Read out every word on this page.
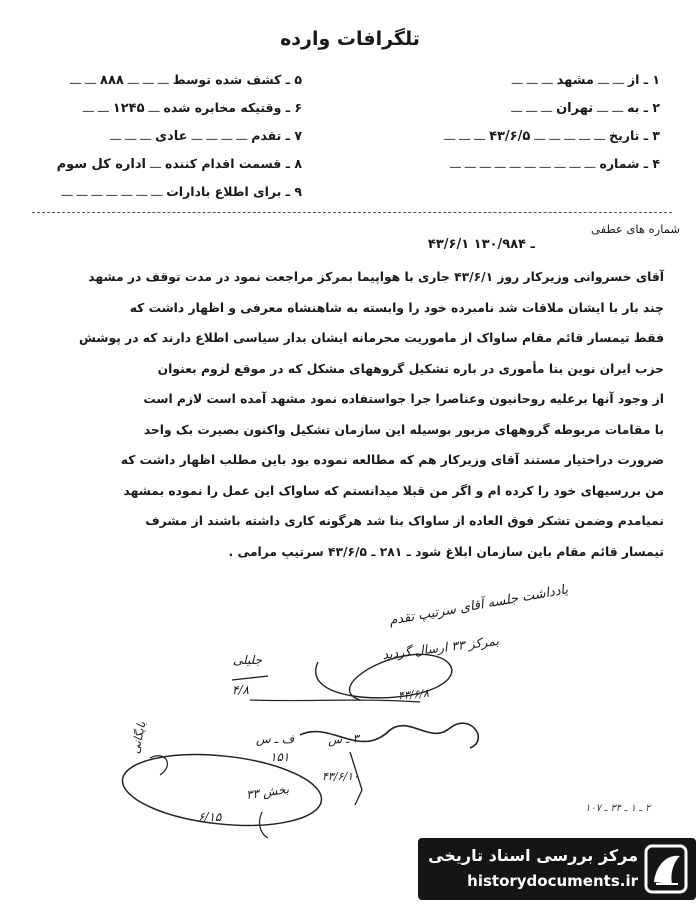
تلگرافات وارده
۱ ـ از ـــ ـــ مشهد ـــ ـــ ـــ
۲ ـ به ـــ ـــ تهران ـــ ـــ ـــ
۳ ـ تاریخ ـــ ـــ ـــ ـــ ـــ ۴۳/۶/۵ ـــ ـــ ـــ
۴ ـ شماره ـــ ـــ ـــ ـــ ـــ ـــ ـــ ـــ ـــ ـــ
۵ ـ کشف شده توسط ـــ ـــ ـــ ۸۸۸ ـــ ـــ
۶ ـ وقتیکه مخابره شده ـــ ۱۲۴۵ ـــ ـــ
۷ ـ تقدم ـــ ـــ ـــ ـــ عادی ـــ ـــ ـــ
۸ ـ قسمت اقدام کننده ـــ اداره کل سوم
۹ ـ برای اطلاع بادارات ـــ ـــ ـــ ـــ ـــ ـــ ـــ
شماره های عطفی
۴۳/۶/۱ ـ ۱۳۰/۹۸۴
آقای خسروانی وزیرکار روز ۴۳/۶/۱ جاری با هواپیما بمرکز مراجعت نمود در مدت توقف در مشهد
چند بار با ایشان ملاقات شد نامبرده خود را وابسته به شاهنشاه معرفی و اظهار داشت که
فقط تیمسار قائم مقام ساواک از ماموریت محرمانه ایشان بدار سیاسی اطلاع دارند که در پوشش
حزب ایران نوین بنا مأموری در باره تشکیل گروههای مشکل که در موقع لزوم بعنوان
از وجود آنها برعلیه روحانیون وعناصرا جرا جواستفاده نمود مشهد آمده است لازم است
با مقامات مربوطه گروههای مزبور بوسیله این سازمان تشکیل واکنون بصیرت بک واحد
ضرورت دراختیار مستند آقای وزیرکار هم که مطالعه نموده بود باین مطلب اظهار داشت که
من بررسیهای خود را کرده ام و اگر من قبلا میدانستم که ساواک این عمل را نموده بمشهد
نمیامدم وضمن تشکر فوق العاده از ساواک بنا شد هرگونه کاری داشته باشند از مشرف
تیمسار قائم مقام باین سازمان ابلاغ شود ـ ۲۸۱ ـ ۴۳/۶/۵ سرتیپ مرامی .
یادداشت جلسه آقای سرتیپ تقدم
بمرکز ۳۳ ارسال گردید
۴۳/۶/۸
جلیلی
۴/۸
۳ ـ س
ف ـ س
بایگانی
۱۵۱
۴۳/۶/۱۰
بخش ۳۳
۶/۱۵
۲ ـ ۱ ـ ۳۴ ـ ۱۰۷
مرکز بررسی اسناد تاریخی
historydocuments.ir
